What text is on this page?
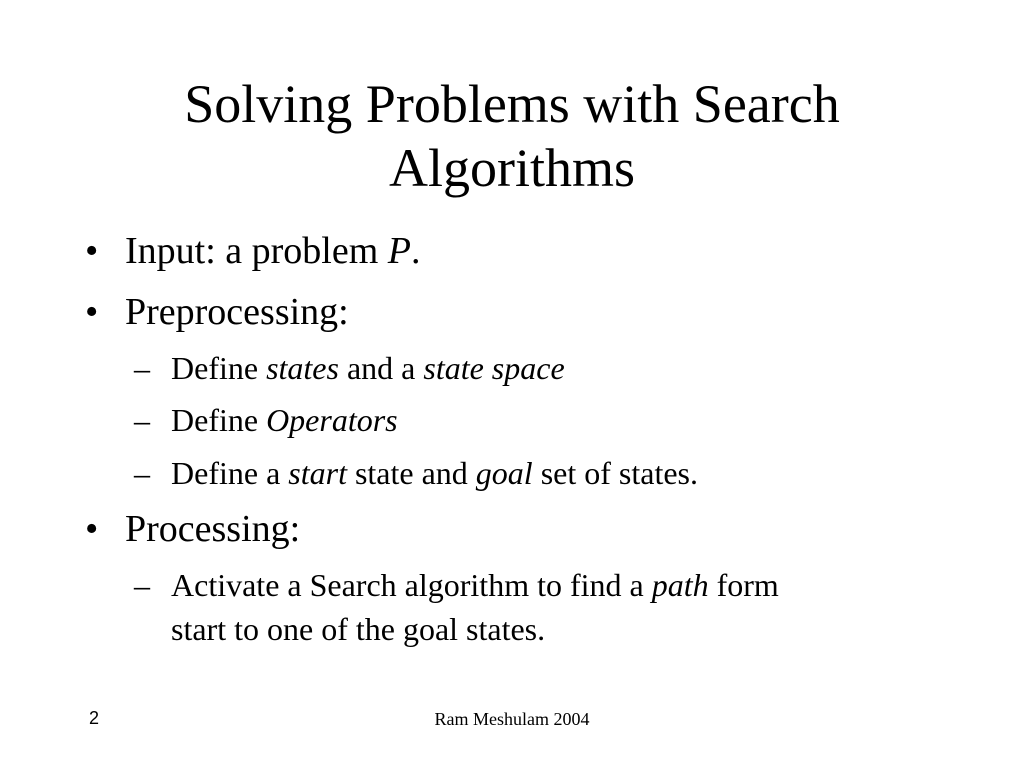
Solving Problems with Search
Algorithms
• Input: a problem P.
• Preprocessing:
– Define states and a state space
– Define Operators
– Define a start state and goal set of states.
• Processing:
– Activate a Search algorithm to find a path form
start to one of the goal states.
2	Ram Meshulam 2004
